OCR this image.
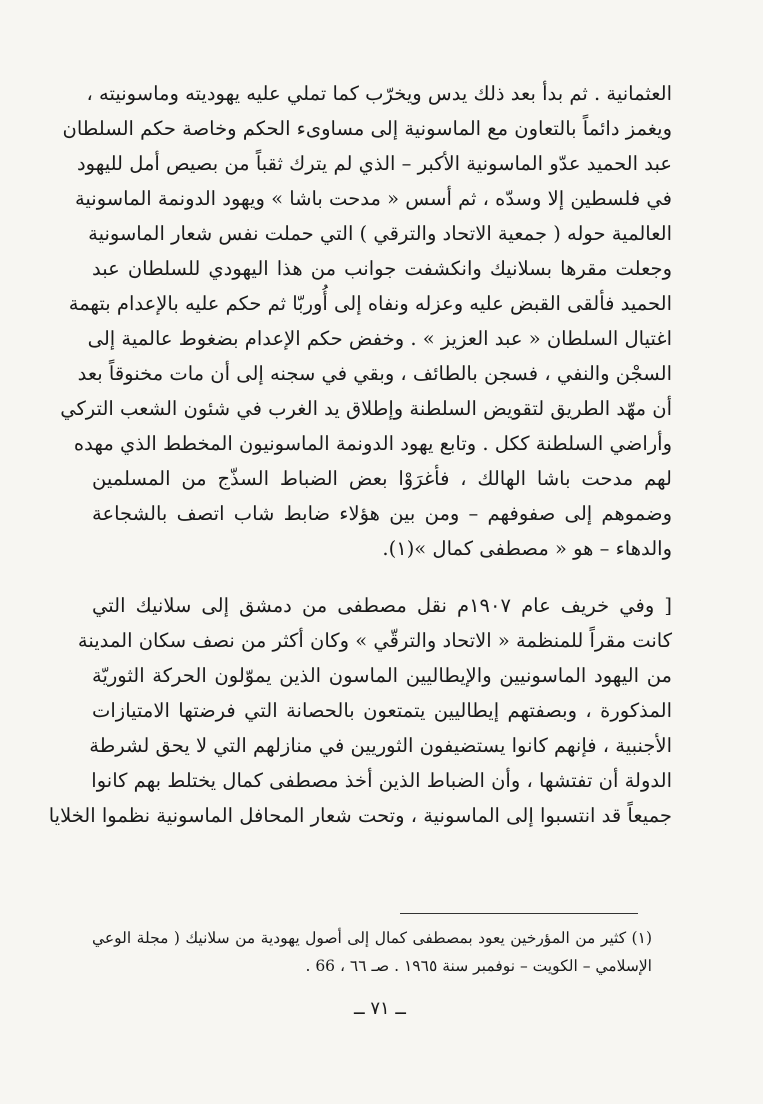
العثمانية . ثم بدأ بعد ذلك يدس ويخرّب كما تملي عليه يهوديته وماسونيته ،
ويغمز دائماً بالتعاون مع الماسونية إلى مساوىء الحكم وخاصة حكم السلطان
عبد الحميد عدّو الماسونية الأكبر – الذي لم يترك ثقباً من بصيص أمل لليهود
في فلسطين إلا وسدّه ، ثم أسس « مدحت باشا » ويهود الدونمة الماسونية
العالمية حوله ( جمعية الاتحاد والترقي ) التي حملت نفس شعار الماسونية
وجعلت مقرها بسلانيك وانكشفت جوانب من هذا اليهودي للسلطان عبد
الحميد فألقى القبض عليه وعزله ونفاه إلى أُوربّا ثم حكم عليه بالإعدام بتهمة
اغتيال السلطان « عبد العزيز » . وخفض حكم الإعدام بضغوط عالمية إلى
السجْن والنفي ، فسجن بالطائف ، وبقي في سجنه إلى أن مات مخنوقاً بعد
أن مهّد الطريق لتقويض السلطنة وإطلاق يد الغرب في شئون الشعب التركي
وأراضي السلطنة ككل . وتابع يهود الدونمة الماسونيون المخطط الذي مهده
لهم مدحت باشا الهالك ، فأغرَوْا بعض الضباط السذّج من المسلمين
وضموهم إلى صفوفهم – ومن بين هؤلاء ضابط شاب اتصف بالشجاعة
والدهاء – هو « مصطفى كمال »(١).
[ وفي خريف عام ١٩٠٧م نقل مصطفى من دمشق إلى سلانيك التي
كانت مقراً للمنظمة « الاتحاد والترقّي » وكان أكثر من نصف سكان المدينة
من اليهود الماسونيين والإيطاليين الماسون الذين يموّلون الحركة الثوريّة
المذكورة ، وبصفتهم إيطاليين يتمتعون بالحصانة التي فرضتها الامتيازات
الأجنبية ، فإنهم كانوا يستضيفون الثوريين في منازلهم التي لا يحق لشرطة
الدولة أن تفتشها ، وأن الضباط الذين أخذ مصطفى كمال يختلط بهم كانوا
جميعاً قد انتسبوا إلى الماسونية ، وتحت شعار المحافل الماسونية نظموا الخلايا
(١) كثير من المؤرخين يعود بمصطفى كمال إلى أصول يهودية من سلانيك ( مجلة الوعي
الإسلامي – الكويت – نوفمبر سنة ١٩٦٥ . صـ ٦٦ ، 66 .
ــ ٧١ ــ
